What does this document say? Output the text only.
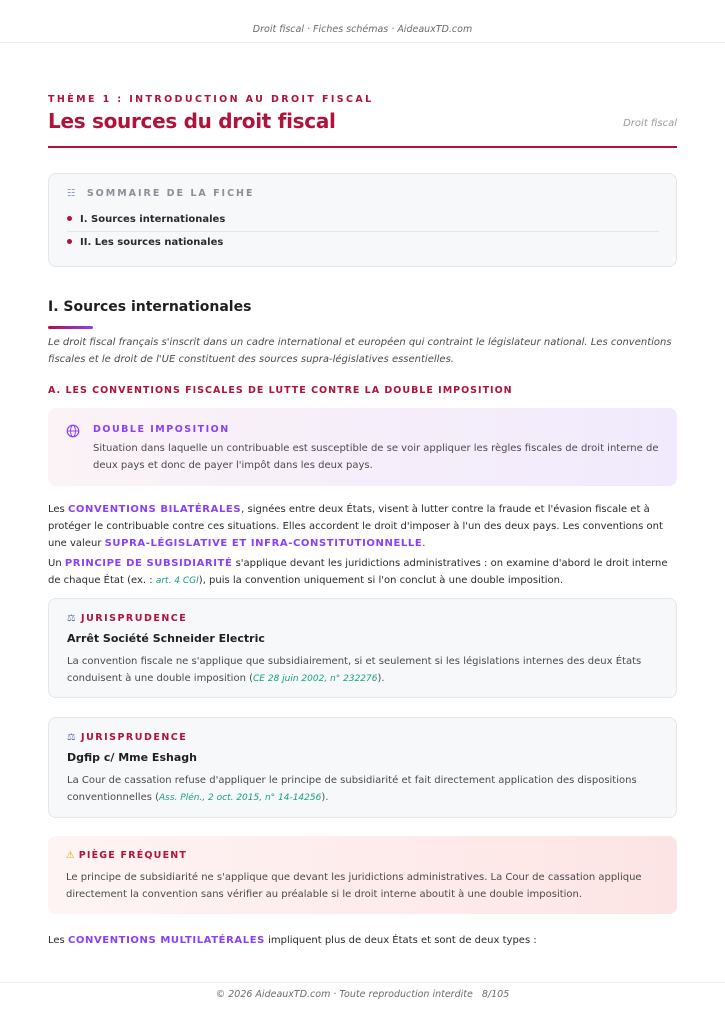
Droit fiscal · Fiches schémas · AideauxTD.com
THÈME 1 : INTRODUCTION AU DROIT FISCAL
Les sources du droit fiscal	Droit fiscal
☷ SOMMAIRE DE LA FICHE
I. Sources internationales
II. Les sources nationales
I. Sources internationales
Le droit fiscal français s'inscrit dans un cadre international et européen qui contraint le législateur national. Les conventions fiscales et le droit de l'UE constituent des sources supra-législatives essentielles.
A. LES CONVENTIONS FISCALES DE LUTTE CONTRE LA DOUBLE IMPOSITION
DOUBLE IMPOSITION
Situation dans laquelle un contribuable est susceptible de se voir appliquer les règles fiscales de droit interne de deux pays et donc de payer l'impôt dans les deux pays.
Les CONVENTIONS BILATÉRALES, signées entre deux États, visent à lutter contre la fraude et l'évasion fiscale et à protéger le contribuable contre ces situations. Elles accordent le droit d'imposer à l'un des deux pays. Les conventions ont une valeur SUPRA-LÉGISLATIVE ET INFRA-CONSTITUTIONNELLE.
Un PRINCIPE DE SUBSIDIARITÉ s'applique devant les juridictions administratives : on examine d'abord le droit interne de chaque État (ex. : art. 4 CGI), puis la convention uniquement si l'on conclut à une double imposition.
⚖ JURISPRUDENCE
Arrêt Société Schneider Electric
La convention fiscale ne s'applique que subsidiairement, si et seulement si les législations internes des deux États conduisent à une double imposition (CE 28 juin 2002, n° 232276).
⚖ JURISPRUDENCE
Dgfip c/ Mme Eshagh
La Cour de cassation refuse d'appliquer le principe de subsidiarité et fait directement application des dispositions conventionnelles (Ass. Plén., 2 oct. 2015, n° 14-14256).
⚠ PIÈGE FRÉQUENT
Le principe de subsidiarité ne s'applique que devant les juridictions administratives. La Cour de cassation applique directement la convention sans vérifier au préalable si le droit interne aboutit à une double imposition.
Les CONVENTIONS MULTILATÉRALES impliquent plus de deux États et sont de deux types :
© 2026 AideauxTD.com · Toute reproduction interdite 8/105
